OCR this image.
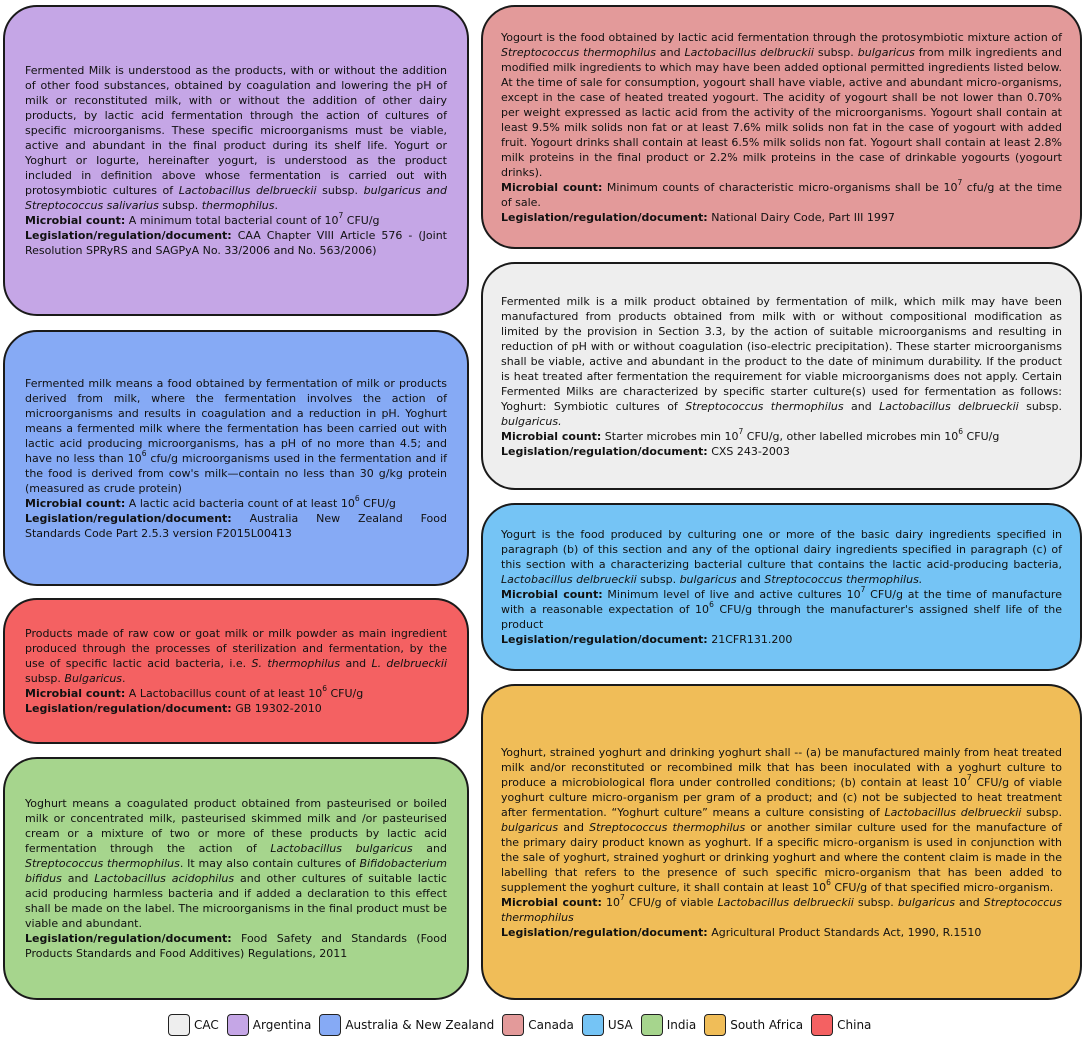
Fermented Milk is understood as the products, with or without the addition of other food substances, obtained by coagulation and lowering the pH of milk or reconstituted milk, with or without the addition of other dairy products, by lactic acid fermentation through the action of cultures of specific microorganisms. These specific microorganisms must be viable, active and abundant in the final product during its shelf life. Yogurt or Yoghurt or Iogurte, hereinafter yogurt, is understood as the product included in definition above whose fermentation is carried out with protosymbiotic cultures of Lactobacillus delbrueckii subsp. bulgaricus and Streptococcus salivarius subsp. thermophilus.

Microbial count: A minimum total bacterial count of $10^7$ CFU/g

Legislation/regulation/document: CAA Chapter VIII Article 576 - (Joint Resolution SPRyRS and SAGPyA No. 33/2006 and No. 563/2006)

Yogourt is the food obtained by lactic acid fermentation through the protosymbiotic mixture action of Streptococcus thermophilus and Lactobacillus delbruckii subsp. bulgaricus from milk ingredients and modified milk ingredients to which may have been added optional permitted ingredients listed below. At the time of sale for consumption, yogourt shall have viable, active and abundant micro-organisms, except in the case of heated treated yogourt. The acidity of yogourt shall be not lower than 0.70% per weight expressed as lactic acid from the activity of the microorganisms. Yogourt shall contain at least 9.5% milk solids non fat or at least 7.6% milk solids non fat in the case of yogourt with added fruit. Yogourt drinks shall contain at least 6.5% milk solids non fat. Yogourt shall contain at least 2.8% milk proteins in the final product or 2.2% milk proteins in the case of drinkable yogourts (yogourt drinks).

Microbial count: Minimum counts of characteristic micro-organisms shall be $10^7$ cfu/g at the time of sale.

Legislation/regulation/document: National Dairy Code, Part III 1997

Fermented milk is a milk product obtained by fermentation of milk, which milk may have been manufactured from products obtained from milk with or without compositional modification as limited by the provision in Section 3.3, by the action of suitable microorganisms and resulting in reduction of pH with or without coagulation (iso-electric precipitation). These starter microorganisms shall be viable, active and abundant in the product to the date of minimum durability. If the product is heat treated after fermentation the requirement for viable microorganisms does not apply. Certain Fermented Milks are characterized by specific starter culture(s) used for fermentation as follows: Yoghurt: Symbiotic cultures of Streptococcus thermophilus and Lactobacillus delbrueckii subsp. bulgaricus.

Microbial count: Starter microbes $\min 10^7$ CFU/g, other labelled microbes $\min 10^6$ CFU/g

Legislation/regulation/document: CXS 243-2003

Fermented milk means a food obtained by fermentation of milk or products derived from milk, where the fermentation involves the action of microorganisms and results in coagulation and a reduction in pH. Yoghurt means a fermented milk where the fermentation has been carried out with lactic acid producing microorganisms, has a pH of no more than 4.5; and have no less than $10^6$ cfu/g microorganisms used in the fermentation and if the food is derived from cow's milk—contain no less than 30 g/kg protein (measured as crude protein)

Microbial count: A lactic acid bacteria count of at least $10^6$ CFU/g

Legislation/regulation/document: Australia New Zealand Food Standards Code Part 2.5.3 version F2015L00413	Yogurt is the food produced by culturing one or more of the basic dairy ingredients specified in paragraph (b) of this section and any of the optional dairy ingredients specified in paragraph (c) of this section with a characterizing bacterial culture that contains the lactic acid-producing bacteria, Lactobacillus delbrueckii subsp. bulgaricus and Streptococcus thermophilus.

Microbial count: Minimum level of live and active cultures $10^7$ CFU/g at the time of manufacture with a reasonable expectation of $10^6$ CFU/g through the manufacturer's assigned shelf life of the product

Legislation/regulation/document: 21CFR131.200

Products made of raw cow or goat milk or milk powder as main ingredient produced through the processes of sterilization and fermentation, by the use of specific lactic acid bacteria, i.e. S. thermophilus and L. delbrueckii subsp. Bulgaricus.

Microbial count: A Lactobacillus count of at least $10^6$ CFU/g

Legislation/regulation/document: GB 19302-2010

Yoghurt, strained yoghurt and drinking yoghurt shall -- (a) be manufactured mainly from heat treated milk and/or reconstituted or recombined milk that has been inoculated with a yoghurt culture to produce a microbiological flora under controlled conditions; (b) contain at least $10^7$ CFU/g of viable yoghurt culture micro-organism per gram of a product; and (c) not be subjected to heat treatment after fermentation. “Yoghurt culture” means a culture consisting of Lactobacillus delbrueckii subsp. bulgaricus and Streptococcus thermophilus or another similar culture used for the manufacture of the primary dairy product known as yoghurt. If a specific micro-organism is used in conjunction with the sale of yoghurt, strained yoghurt or drinking yoghurt and where the content claim is made in the labelling that refers to the presence of such specific micro-organism that has been added to supplement the yoghurt culture, it shall contain at least $10^6$ CFU/g of that specified micro-organism.

Microbial count: $10^7$ CFU/g of viable Lactobacillus delbrueckii subsp. bulgaricus and Streptococcus thermophilus

Legislation/regulation/document: Agricultural Product Standards Act, 1990, R.1510

Yoghurt means a coagulated product obtained from pasteurised or boiled milk or concentrated milk, pasteurised skimmed milk and /or pasteurised cream or a mixture of two or more of these products by lactic acid fermentation through the action of Lactobacillus bulgaricus and Streptococcus thermophilus. It may also contain cultures of Bifidobacterium bifidus and Lactobacillus acidophilus and other cultures of suitable lactic acid producing harmless bacteria and if added a declaration to this effect shall be made on the label. The microorganisms in the final product must be viable and abundant.

Legislation/regulation/document: Food Safety and Standards (Food Products Standards and Food Additives) Regulations, 2011

CAC	Argentina	Australia & New Zealand	Canada	USA	India	South Africa	China
